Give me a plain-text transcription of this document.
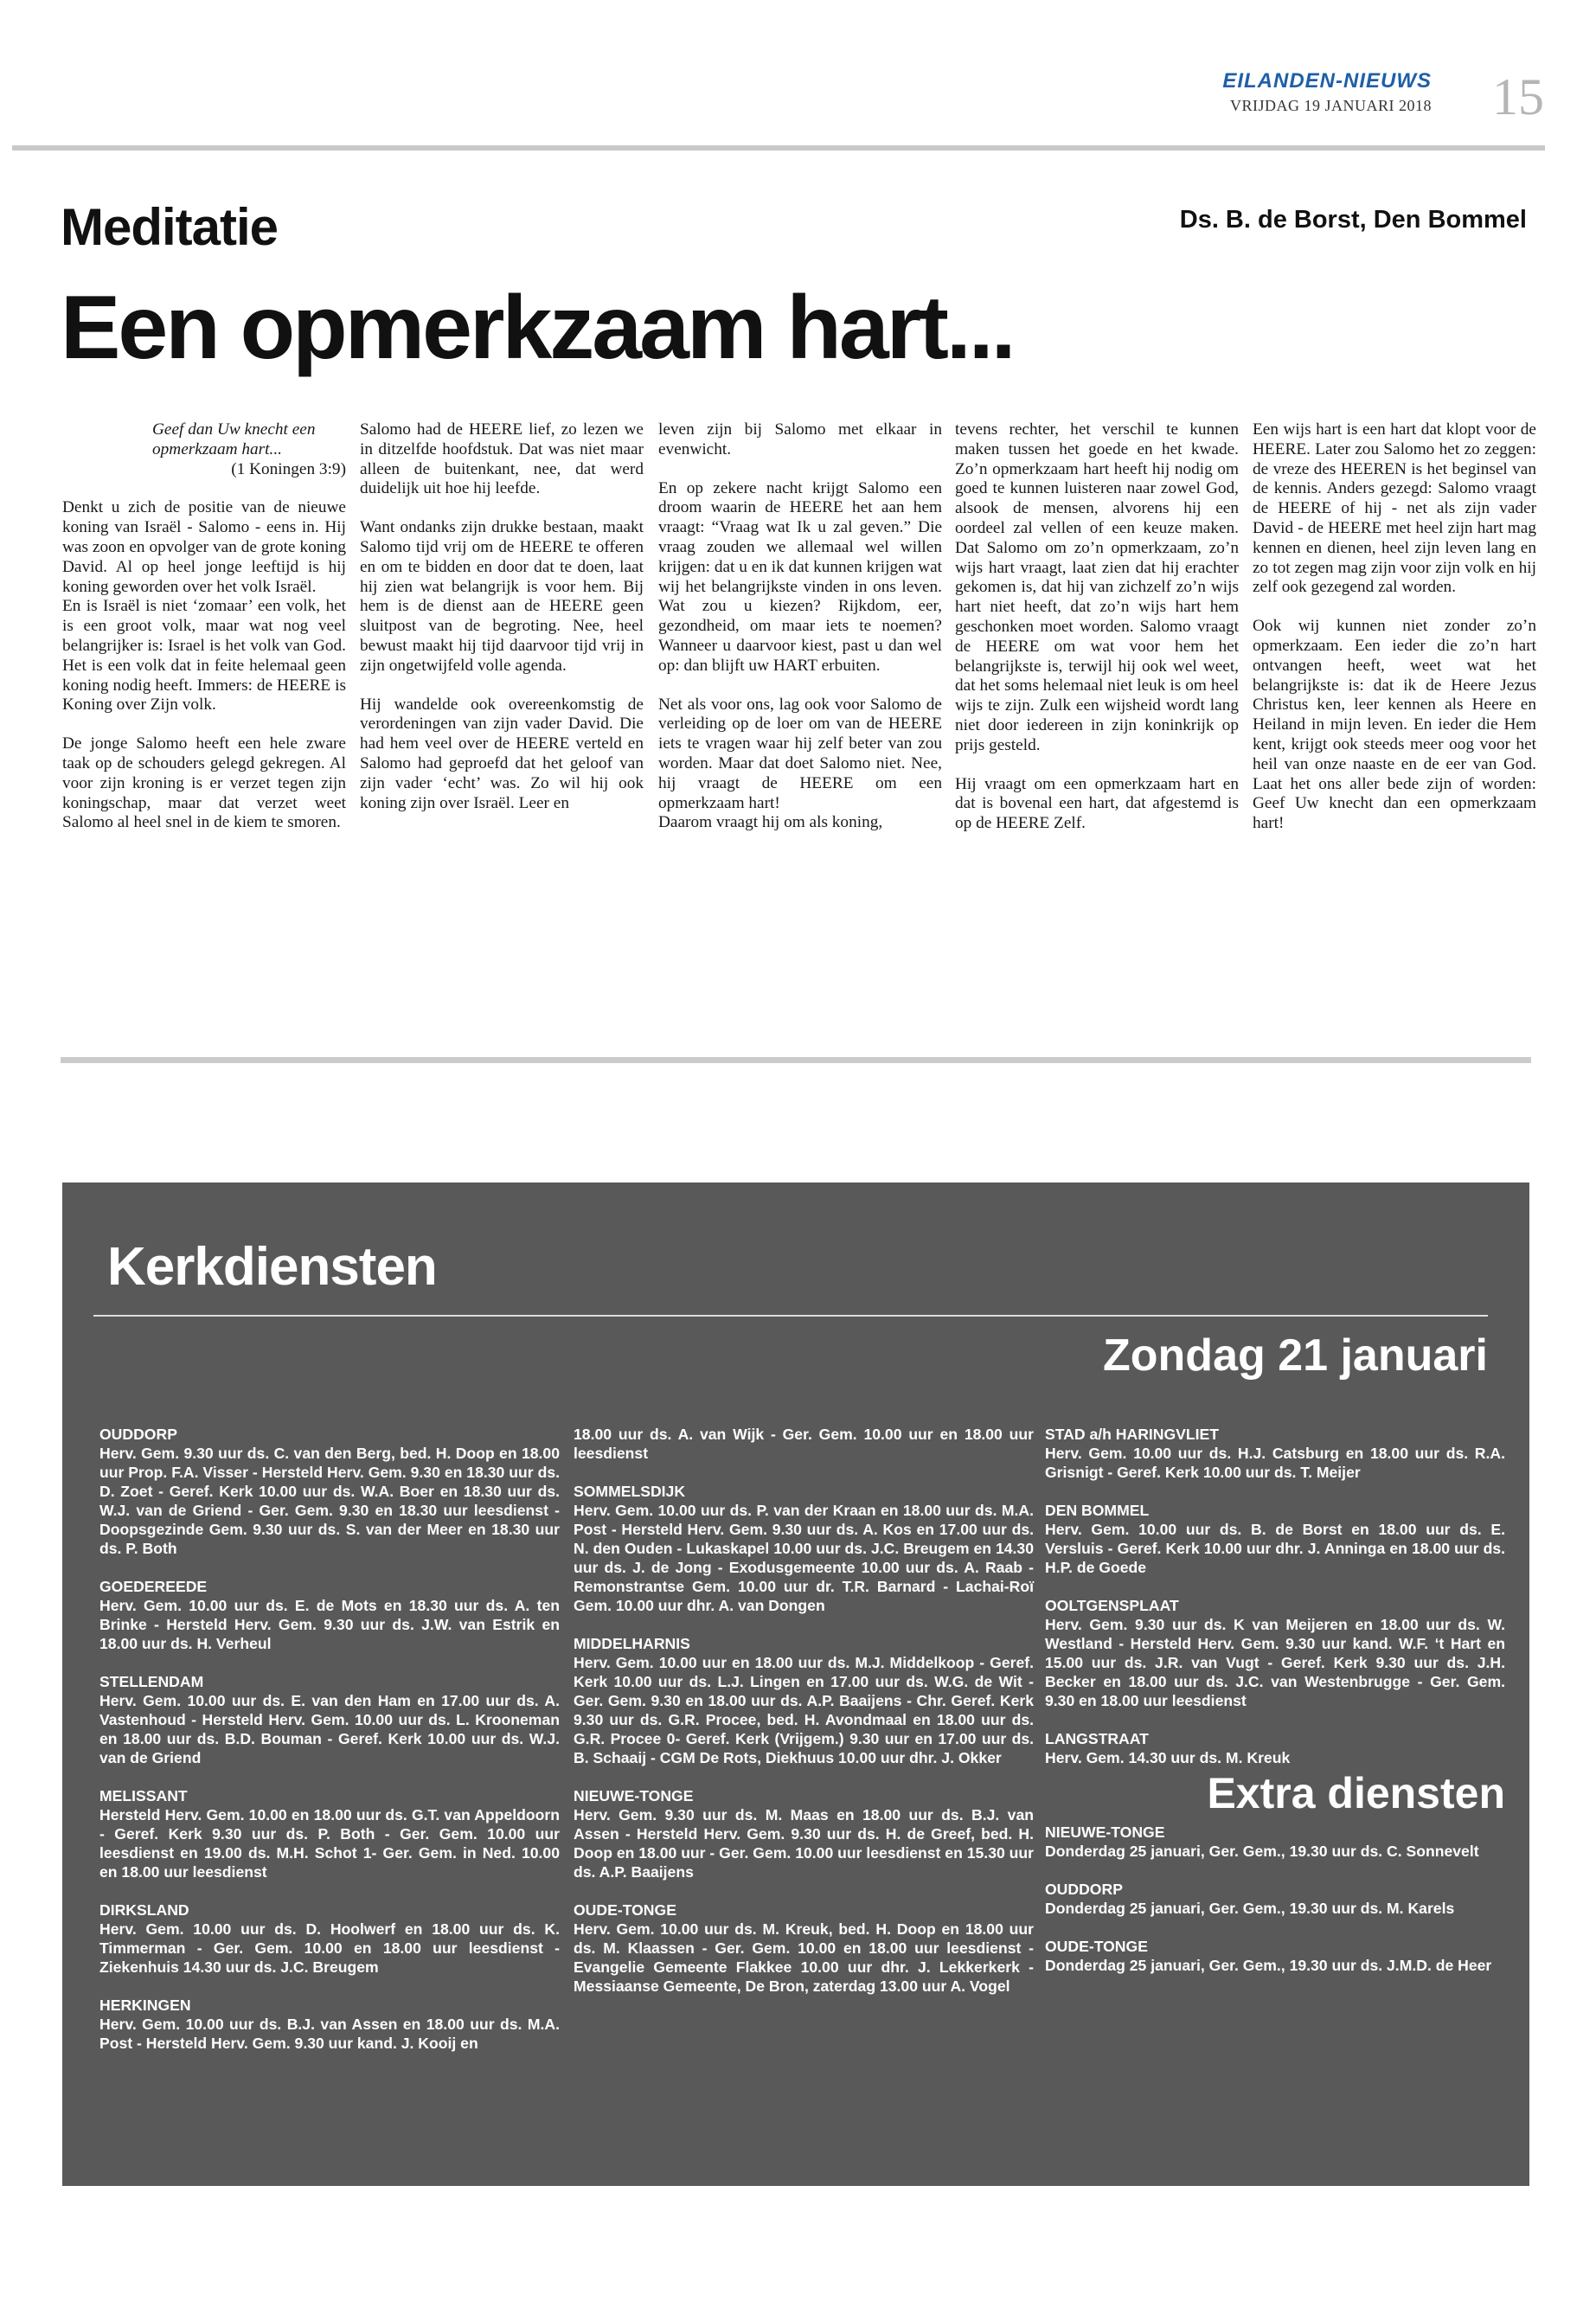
EILANDEN-NIEUWS
VRIJDAG 19 JANUARI 2018 15
Meditatie	Ds. B. de Borst, Den Bommel
Een opmerkzaam hart...

Geef dan Uw knecht een opmerkzaam hart...

(1 Koningen 3:9)

Denkt u zich de positie van de nieuwe koning van Israël - Salomo - eens in. Hij was zoon en opvolger van de grote koning David. Al op heel jonge leeftijd is hij koning geworden over het volk Israël.

En is Israël is niet ‘zomaar’ een volk, het is een groot volk, maar wat nog veel belangrijker is: Israel is het volk van God. Het is een volk dat in feite helemaal geen koning nodig heeft. Immers: de HEERE is Koning over Zijn volk.

De jonge Salomo heeft een hele zware taak op de schouders gelegd gekregen. Al voor zijn kroning is er verzet tegen zijn koningschap, maar dat verzet weet Salomo al heel snel in de kiem te smoren.

Salomo had de HEERE lief, zo lezen we in ditzelfde hoofdstuk. Dat was niet maar alleen de buitenkant, nee, dat werd duidelijk uit hoe hij leefde.

Want ondanks zijn drukke bestaan, maakt Salomo tijd vrij om de HEERE te offeren en om te bidden en door dat te doen, laat hij zien wat belangrijk is voor hem. Bij hem is de dienst aan de HEERE geen sluitpost van de begroting. Nee, heel bewust maakt hij tijd daarvoor tijd vrij in zijn ongetwijfeld volle agenda.

Hij wandelde ook overeenkomstig de verordeningen van zijn vader David. Die had hem veel over de HEERE verteld en Salomo had geproefd dat het geloof van zijn vader ‘echt’ was. Zo wil hij ook koning zijn over Israël. Leer en

leven zijn bij Salomo met elkaar in evenwicht.

En op zekere nacht krijgt Salomo een droom waarin de HEERE het aan hem vraagt: “Vraag wat Ik u zal geven.” Die vraag zouden we allemaal wel willen krijgen: dat u en ik dat kunnen krijgen wat wij het belangrijkste vinden in ons leven. Wat zou u kiezen? Rijkdom, eer, gezondheid, om maar iets te noemen? Wanneer u daarvoor kiest, past u dan wel op: dan blijft uw HART erbuiten.

Net als voor ons, lag ook voor Salomo de verleiding op de loer om van de HEERE iets te vragen waar hij zelf beter van zou worden. Maar dat doet Salomo niet. Nee, hij vraagt de HEERE om een opmerkzaam hart!

Daarom vraagt hij om als koning,

tevens rechter, het verschil te kunnen maken tussen het goede en het kwade. Zo’n opmerkzaam hart heeft hij nodig om goed te kunnen luisteren naar zowel God, alsook de mensen, alvorens hij een oordeel zal vellen of een keuze maken. Dat Salomo om zo’n opmerkzaam, zo’n wijs hart vraagt, laat zien dat hij erachter gekomen is, dat hij van zichzelf zo’n wijs hart niet heeft, dat zo’n wijs hart hem geschonken moet worden. Salomo vraagt de HEERE om wat voor hem het belangrijkste is, terwijl hij ook wel weet, dat het soms helemaal niet leuk is om heel wijs te zijn. Zulk een wijsheid wordt lang niet door iedereen in zijn koninkrijk op prijs gesteld.

Hij vraagt om een opmerkzaam hart en dat is bovenal een hart, dat afgestemd is op de HEERE Zelf.

Een wijs hart is een hart dat klopt voor de HEERE. Later zou Salomo het zo zeggen: de vreze des HEEREN is het beginsel van de kennis. Anders gezegd: Salomo vraagt de HEERE of hij - net als zijn vader David - de HEERE met heel zijn hart mag kennen en dienen, heel zijn leven lang en zo tot zegen mag zijn voor zijn volk en hij zelf ook gezegend zal worden.

Ook wij kunnen niet zonder zo’n opmerkzaam. Een ieder die zo’n hart ontvangen heeft, weet wat het belangrijkste is: dat ik de Heere Jezus Christus ken, leer kennen als Heere en Heiland in mijn leven. En ieder die Hem kent, krijgt ook steeds meer oog voor het heil van onze naaste en de eer van God. Laat het ons aller bede zijn of worden: Geef Uw knecht dan een opmerkzaam hart!

Kerkdiensten
Zondag 21 januari
OUDDORP

Herv. Gem. 9.30 uur ds. C. van den Berg, bed. H. Doop en 18.00 uur Prop. F.A. Visser - Hersteld Herv. Gem. 9.30 en 18.30 uur ds. D. Zoet - Geref. Kerk 10.00 uur ds. W.A. Boer en 18.30 uur ds. W.J. van de Griend - Ger. Gem. 9.30 en 18.30 uur leesdienst - Doopsgezinde Gem. 9.30 uur ds. S. van der Meer en 18.30 uur ds. P. Both

GOEDEREEDE

Herv. Gem. 10.00 uur ds. E. de Mots en 18.30 uur ds. A. ten Brinke - Hersteld Herv. Gem. 9.30 uur ds. J.W. van Estrik en 18.00 uur ds. H. Verheul

STELLENDAM

Herv. Gem. 10.00 uur ds. E. van den Ham en 17.00 uur ds. A. Vastenhoud - Hersteld Herv. Gem. 10.00 uur ds. L. Krooneman en 18.00 uur ds. B.D. Bouman - Geref. Kerk 10.00 uur ds. W.J. van de Griend

MELISSANT

Hersteld Herv. Gem. 10.00 en 18.00 uur ds. G.T. van Appeldoorn - Geref. Kerk 9.30 uur ds. P. Both - Ger. Gem. 10.00 uur leesdienst en 19.00 ds. M.H. Schot 1- Ger. Gem. in Ned. 10.00 en 18.00 uur leesdienst

DIRKSLAND

Herv. Gem. 10.00 uur ds. D. Hoolwerf en 18.00 uur ds. K. Timmerman - Ger. Gem. 10.00 en 18.00 uur leesdienst - Ziekenhuis 14.30 uur ds. J.C. Breugem

HERKINGEN

Herv. Gem. 10.00 uur ds. B.J. van Assen en 18.00 uur ds. M.A. Post - Hersteld Herv. Gem. 9.30 uur kand. J. Kooij en

18.00 uur ds. A. van Wijk - Ger. Gem. 10.00 uur en 18.00 uur leesdienst

SOMMELSDIJK

Herv. Gem. 10.00 uur ds. P. van der Kraan en 18.00 uur ds. M.A. Post - Hersteld Herv. Gem. 9.30 uur ds. A. Kos en 17.00 uur ds. N. den Ouden - Lukaskapel 10.00 uur ds. J.C. Breugem en 14.30 uur ds. J. de Jong - Exodusgemeente 10.00 uur ds. A. Raab - Remonstrantse Gem. 10.00 uur dr. T.R. Barnard - Lachai-Roï Gem. 10.00 uur dhr. A. van Dongen

MIDDELHARNIS

Herv. Gem. 10.00 uur en 18.00 uur ds. M.J. Middelkoop - Geref. Kerk 10.00 uur ds. L.J. Lingen en 17.00 uur ds. W.G. de Wit - Ger. Gem. 9.30 en 18.00 uur ds. A.P. Baaijens - Chr. Geref. Kerk 9.30 uur ds. G.R. Procee, bed. H. Avondmaal en 18.00 uur ds. G.R. Procee 0- Geref. Kerk (Vrijgem.) 9.30 uur en 17.00 uur ds. B. Schaaij - CGM De Rots, Diekhuus 10.00 uur dhr. J. Okker

NIEUWE-TONGE

Herv. Gem. 9.30 uur ds. M. Maas en 18.00 uur ds. B.J. van Assen - Hersteld Herv. Gem. 9.30 uur ds. H. de Greef, bed. H. Doop en 18.00 uur - Ger. Gem. 10.00 uur leesdienst en 15.30 uur ds. A.P. Baaijens

OUDE-TONGE

Herv. Gem. 10.00 uur ds. M. Kreuk, bed. H. Doop en 18.00 uur ds. M. Klaassen - Ger. Gem. 10.00 en 18.00 uur leesdienst - Evangelie Gemeente Flakkee 10.00 uur dhr. J. Lekkerkerk - Messiaanse Gemeente, De Bron, zaterdag 13.00 uur A. Vogel

STAD a/h HARINGVLIET

Herv. Gem. 10.00 uur ds. H.J. Catsburg en 18.00 uur ds. R.A. Grisnigt - Geref. Kerk 10.00 uur ds. T. Meijer

DEN BOMMEL

Herv. Gem. 10.00 uur ds. B. de Borst en 18.00 uur ds. E. Versluis - Geref. Kerk 10.00 uur dhr. J. Anninga en 18.00 uur ds. H.P. de Goede

OOLTGENSPLAAT

Herv. Gem. 9.30 uur ds. K van Meijeren en 18.00 uur ds. W. Westland - Hersteld Herv. Gem. 9.30 uur kand. W.F. ‘t Hart en 15.00 uur ds. J.R. van Vugt - Geref. Kerk 9.30 uur ds. J.H. Becker en 18.00 uur ds. J.C. van Westenbrugge - Ger. Gem. 9.30 en 18.00 uur leesdienst

LANGSTRAAT

Herv. Gem. 14.30 uur ds. M. Kreuk

Extra diensten
NIEUWE-TONGE

Donderdag 25 januari, Ger. Gem., 19.30 uur ds. C. Sonnevelt

OUDDORP

Donderdag 25 januari, Ger. Gem., 19.30 uur ds. M. Karels

OUDE-TONGE

Donderdag 25 januari, Ger. Gem., 19.30 uur ds. J.M.D. de Heer
